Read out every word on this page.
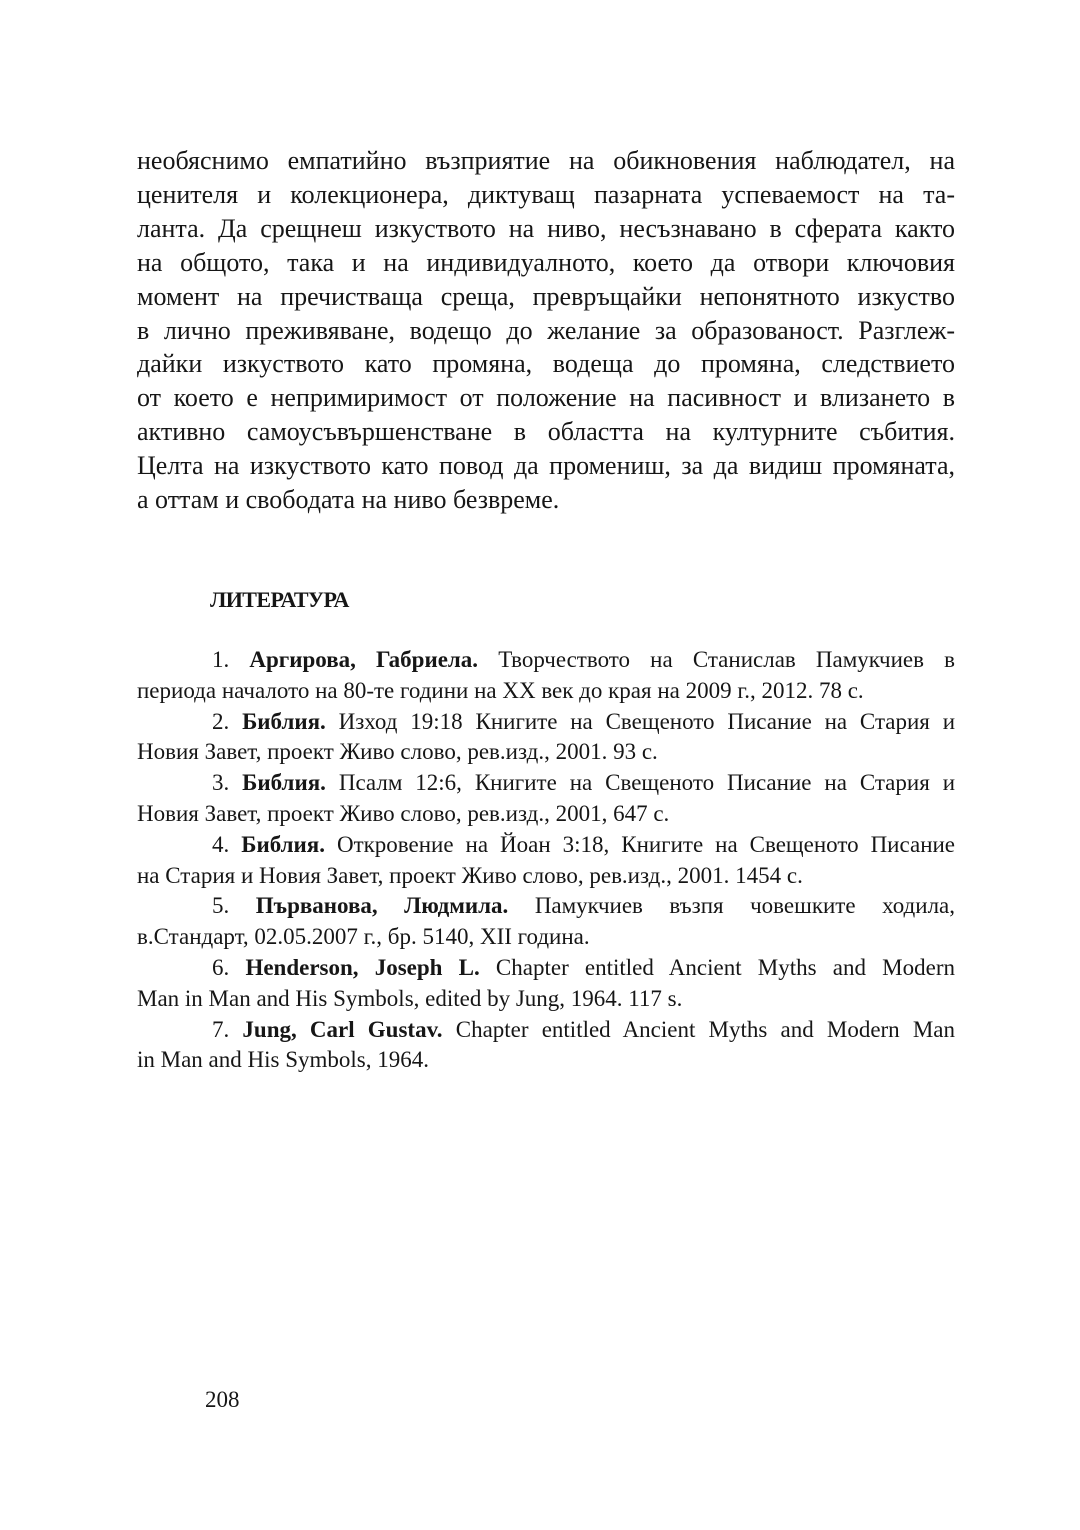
необяснимо емпатийно възприятие на обикновения наблюдател, на
ценителя и колекционера, диктуващ пазарната успеваемост на та-
ланта. Да срещнеш изкуството на ниво, несъзнавано в сферата както
на общото, така и на индивидуалното, което да отвори ключовия
момент на пречистваща среща, превръщайки непонятното изкуство
в лично преживяване, водещо до желание за образованост. Разглеж-
дайки изкуството като промяна, водеща до промяна, следствието
от което е непримиримост от положение на пасивност и влизането в
активно самоусъвършенстване в областта на културните събития.
Целта на изкуството като повод да промениш, за да видиш промяната,
а оттам и свободата на ниво безвреме.
ЛИТЕРАТУРА
1. Аргирова, Габриела. Творчеството на Станислав Памукчиев в
периода началото на 80-те години на XX век до края на 2009 г., 2012. 78 с.
2. Библия. Изход 19:18 Книгите на Свещеното Писание на Стария и
Новия Завет, проект Живо слово, рев.изд., 2001. 93 с.
3. Библия. Псалм 12:6, Книгите на Свещеното Писание на Стария и
Новия Завет, проект Живо слово, рев.изд., 2001, 647 с.
4. Библия. Откровение на Йоан 3:18, Книгите на Свещеното Писание
на Стария и Новия Завет, проект Живо слово, рев.изд., 2001. 1454 с.
5. Първанова, Людмила. Памукчиев възпя човешките ходила,
в.Стандарт, 02.05.2007 г., бр. 5140, XII година.
6. Henderson, Joseph L. Chapter entitled Ancient Myths and Modern
Man in Man and His Symbols, edited by Jung, 1964. 117 s.
7. Jung, Carl Gustav. Chapter entitled Ancient Myths and Modern Man
in Man and His Symbols, 1964.
208
